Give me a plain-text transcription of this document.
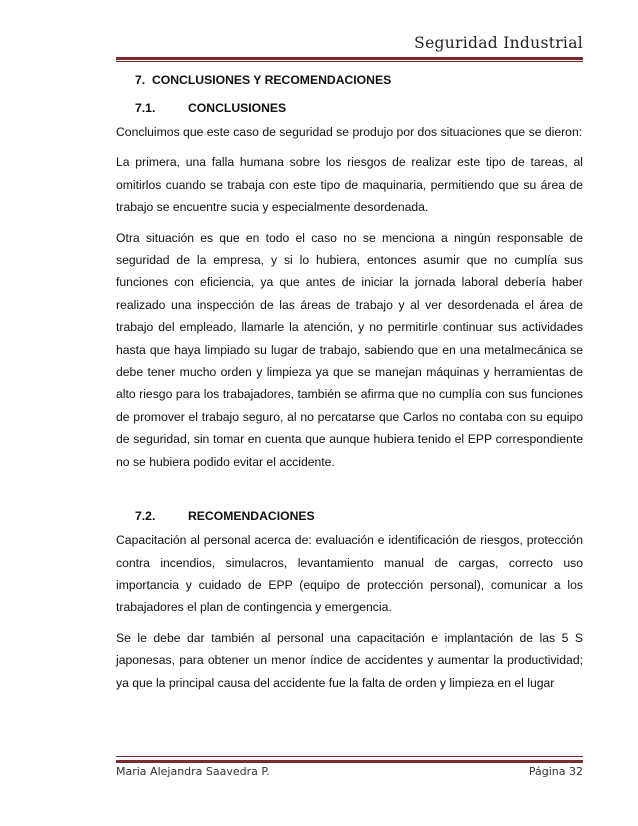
Seguridad Industrial

7. CONCLUSIONES Y RECOMENDACIONES

7.1.	CONCLUSIONES

Concluimos que este caso de seguridad se produjo por dos situaciones que se dieron:

La primera, una falla humana sobre los riesgos de realizar este tipo de tareas, al omitirlos cuando se trabaja con este tipo de maquinaria, permitiendo que su área de trabajo se encuentre sucia y especialmente desordenada.

Otra situación es que en todo el caso no se menciona a ningún responsable de seguridad de la empresa, y si lo hubiera, entonces asumir que no cumplía sus funciones con eficiencia, ya que antes de iniciar la jornada laboral debería haber realizado una inspección de las áreas de trabajo y al ver desordenada el área de trabajo del empleado, llamarle la atención, y no permitirle continuar sus actividades hasta que haya limpiado su lugar de trabajo, sabiendo que en una metalmecánica se debe tener mucho orden y limpieza ya que se manejan máquinas y herramientas de alto riesgo para los trabajadores, también se afirma que no cumplía con sus funciones de promover el trabajo seguro, al no percatarse que Carlos no contaba con su equipo de seguridad, sin tomar en cuenta que aunque hubiera tenido el EPP correspondiente no se hubiera podido evitar el accidente.

7.2.	RECOMENDACIONES

Capacitación al personal acerca de: evaluación e identificación de riesgos, protección contra incendios, simulacros, levantamiento manual de cargas, correcto uso importancia y cuidado de EPP (equipo de protección personal), comunicar a los trabajadores el plan de contingencia y emergencia.

Se le debe dar también al personal una capacitación e implantación de las 5 S japonesas, para obtener un menor índice de accidentes y aumentar la productividad; ya que la principal causa del accidente fue la falta de orden y limpieza en el lugar

Maria Alejandra Saavedra P.	Página 32
